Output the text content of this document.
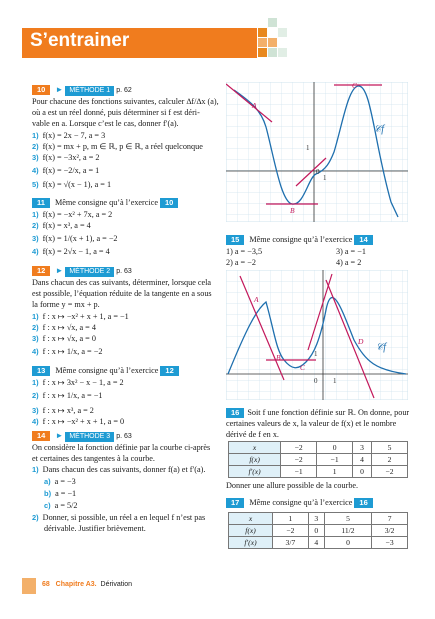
S’entrainer
10 ► MÉTHODE 1 p. 62
Pour chacune des fonctions suivantes, calculer ∆f/∆x (a),
où a est un réel donné, puis déterminer si f est déri-
vable en a. Lorsque c’est le cas, donner f′(a).
1) f(x) = 2x − 7, a = 3
2) f(x) = mx + p, m ∈ ℝ, p ∈ ℝ, a réel quelconque
3) f(x) = −3x², a = 2
4) f(x) = −2/x, a = 1
5) f(x) = √(x − 1), a = 1
11 Même consigne qu’à l’exercice 10
1) f(x) = −x² + 7x, a = 2
2) f(x) = x³, a = 4
3) f(x) = 1/(x + 1), a = −2
4) f(x) = 2√x − 1, a = 4
12 ► MÉTHODE 2 p. 63
Dans chacun des cas suivants, déterminer, lorsque cela
est possible, l’équation réduite de la tangente en a sous
la forme y = mx + p.
1) f : x ↦ −x² + x + 1, a = −1
2) f : x ↦ √x, a = 4
3) f : x ↦ √x, a = 0
4) f : x ↦ 1/x, a = −2
13 Même consigne qu’à l’exercice 12
1) f : x ↦ 3x² − x − 1, a = 2
2) f : x ↦ 1/x, a = −1
3) f : x ↦ x³, a = 2
4) f : x ↦ −x² + x + 1, a = 0
14 ► MÉTHODE 3 p. 63
On considère la fonction définie par la courbe ci-après
et certaines des tangentes à la courbe.
1) Dans chacun des cas suivants, donner f(a) et f′(a).
a) a = −3
b) a = −1
c) a = 5/2
2) Donner, si possible, un réel a en lequel f n’est pas
dérivable. Justifier brièvement.
A
B
C
0
1
1
𝒞f
15 Même consigne qu’à l’exercice 14
1) a = −3,5	3) a = −1
2) a = −2	4) a = 2
A
B
C
D
0
1
1
𝒞f
16 Soit f une fonction définie sur ℝ. On donne, pour
certaines valeurs de x, la valeur de f(x) et le nombre
dérivé de f en x.
x	−2	0	3	5
f(x)	−2	−1	4	2
f′(x)	−1	1	0	−2
Donner une allure possible de la courbe.
17 Même consigne qu’à l’exercice 16
x	1	3	5	7
f(x)	−2	0	11/2	3/2
f′(x)	3/7	4	0	−3
68 Chapitre A3. Dérivation
